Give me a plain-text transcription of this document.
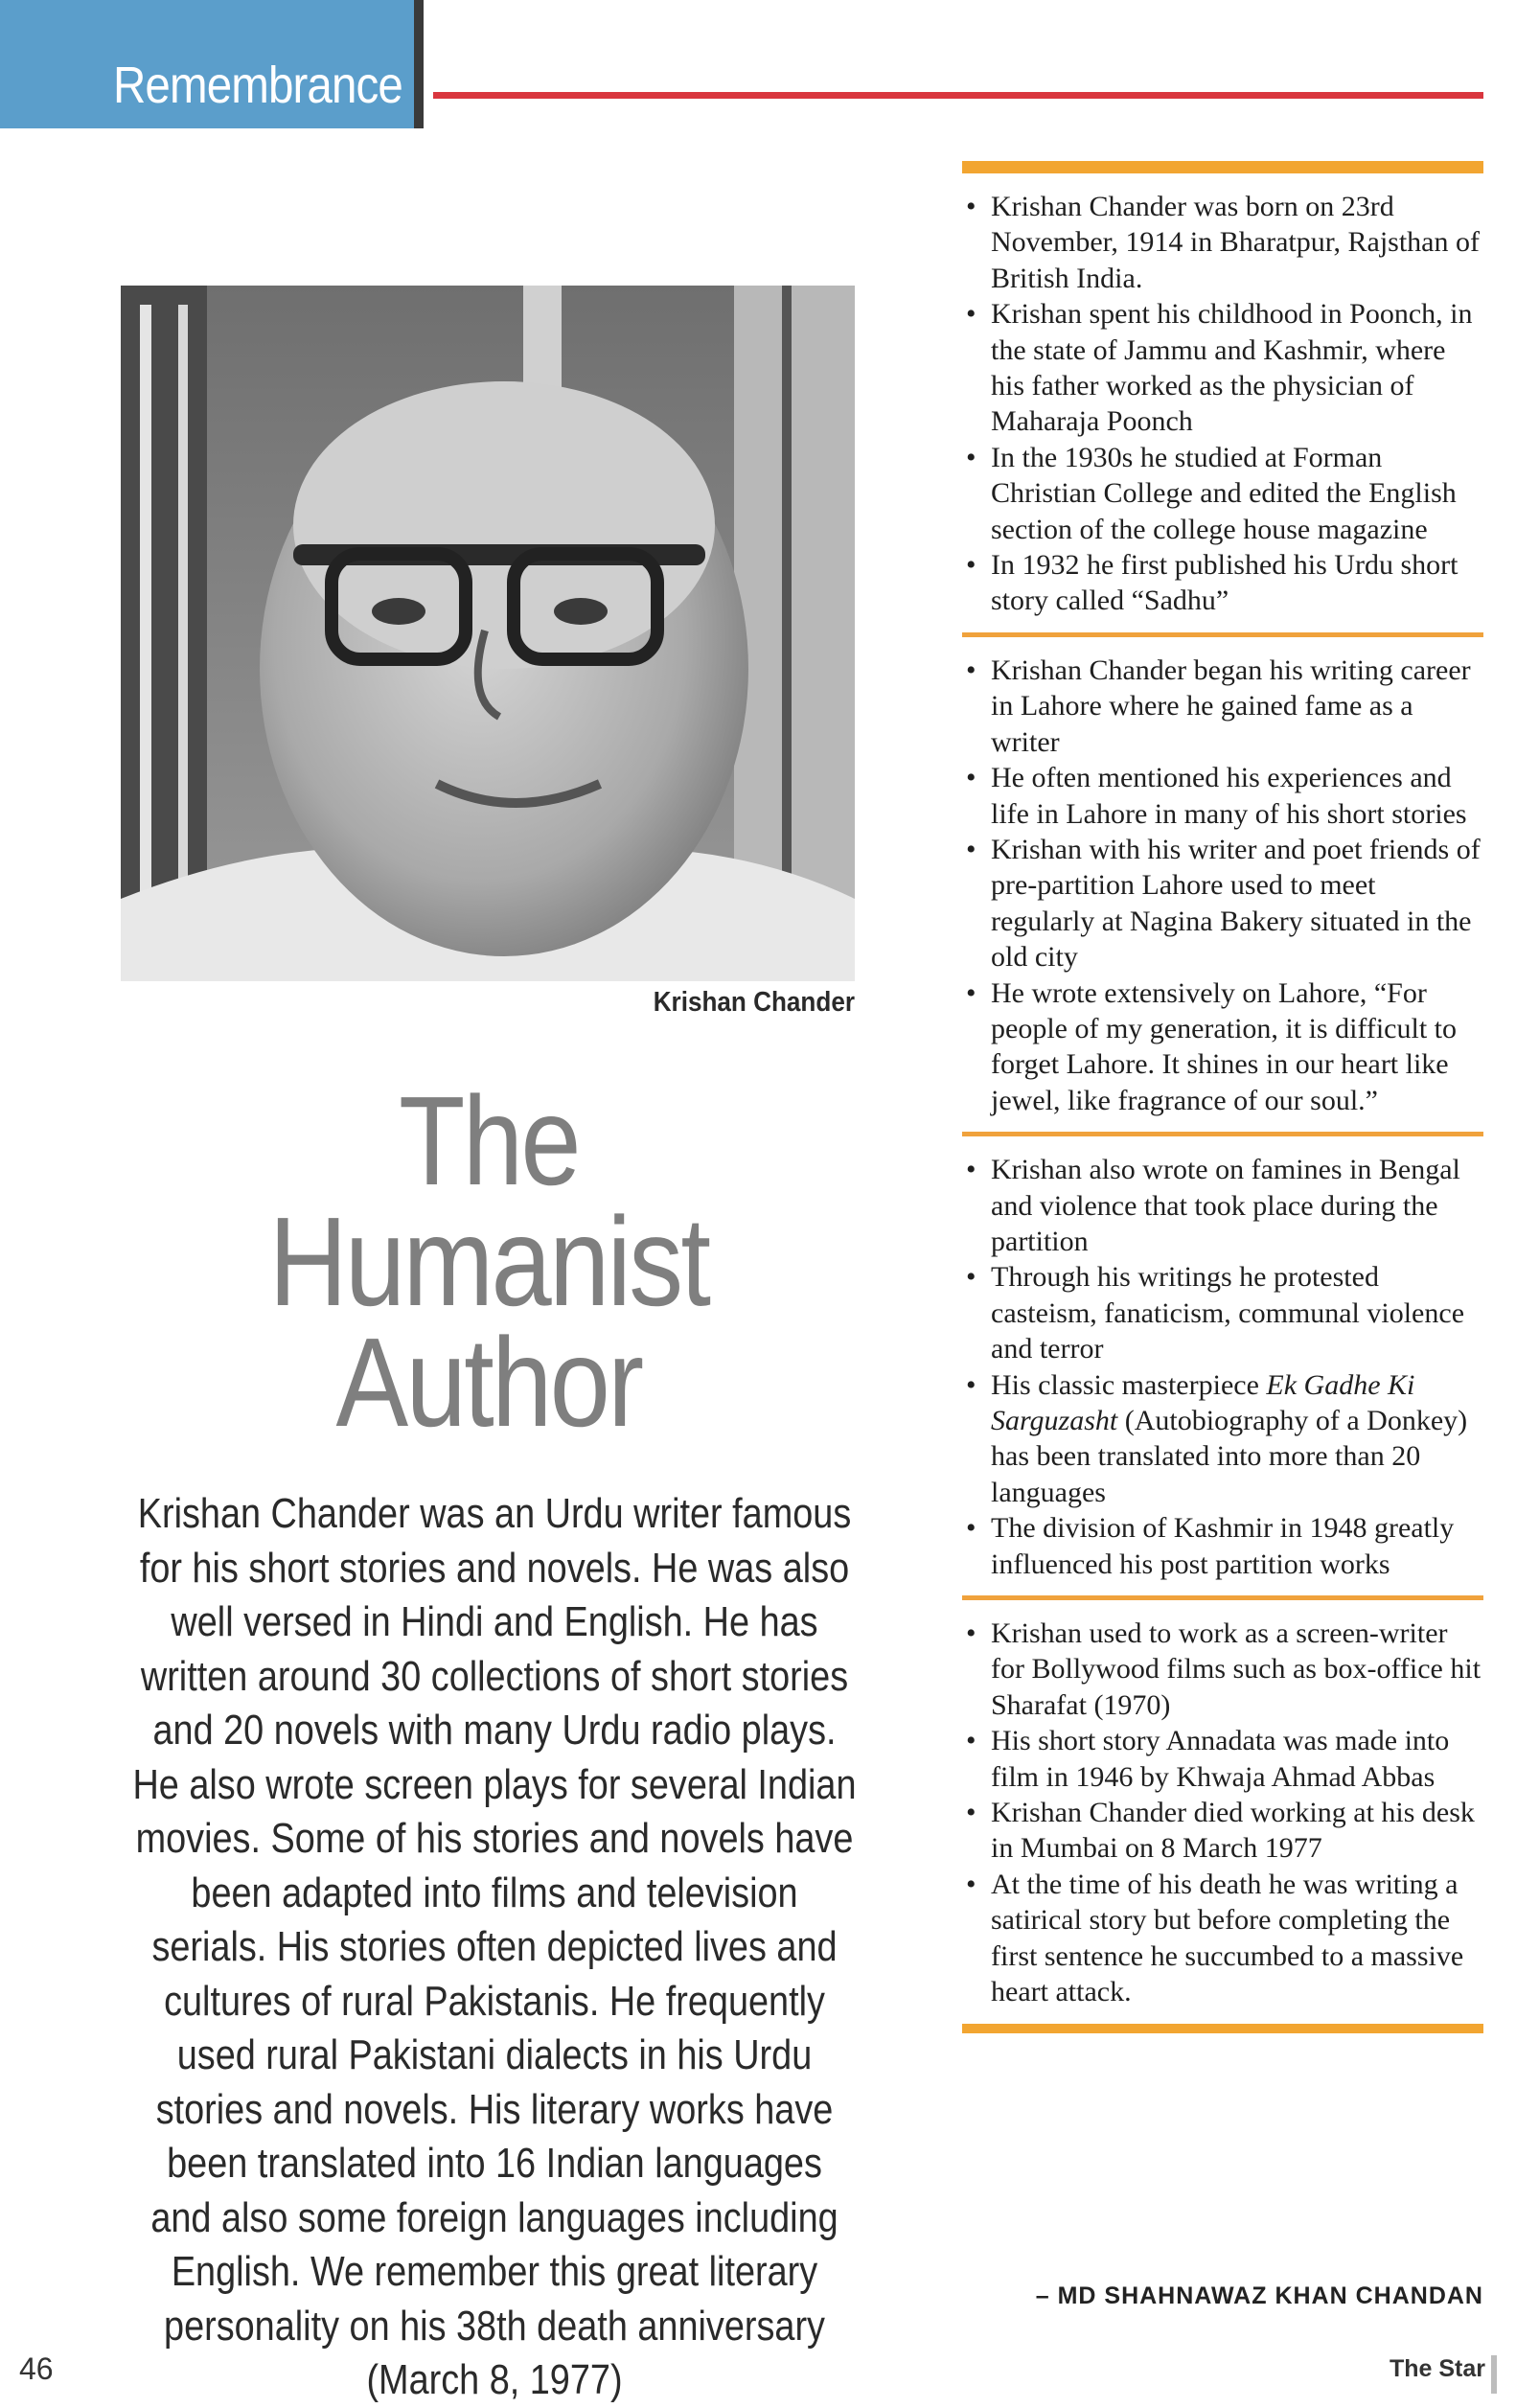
Remembrance
Krishan Chander
The
Humanist
Author

Krishan Chander was an Urdu writer famous for his short stories and novels. He was also well versed in Hindi and English. He has written around 30 collections of short stories and 20 novels with many Urdu radio plays. He also wrote screen plays for several Indian movies. Some of his stories and novels have been adapted into films and television serials. His stories often depicted lives and cultures of rural Pakistanis. He frequently used rural Pakistani dialects in his Urdu stories and novels. His literary works have been translated into 16 Indian languages and also some foreign languages including English. We remember this great literary personality on his 38th death anniversary (March 8, 1977)

• Krishan Chander was born on 23rd November, 1914 in Bharatpur, Rajsthan of British India.
• Krishan spent his childhood in Poonch, in the state of Jammu and Kashmir, where his father worked as the physician of Maharaja Poonch
• In the 1930s he studied at Forman Christian College and edited the English section of the college house magazine
• In 1932 he first published his Urdu short story called “Sadhu”
• Krishan Chander began his writing career in Lahore where he gained fame as a writer
• He often mentioned his experiences and life in Lahore in many of his short stories
• Krishan with his writer and poet friends of pre-partition Lahore used to meet regularly at Nagina Bakery situated in the old city
• He wrote extensively on Lahore, “For people of my generation, it is difficult to forget Lahore. It shines in our heart like jewel, like fragrance of our soul.”
• Krishan also wrote on famines in Bengal and violence that took place during the partition
• Through his writings he protested casteism, fanaticism, communal violence and terror
• His classic masterpiece Ek Gadhe Ki Sarguzasht (Autobiography of a Donkey) has been translated into more than 20 languages
• The division of Kashmir in 1948 greatly influenced his post partition works
• Krishan used to work as a screen-writer for Bollywood films such as box-office hit Sharafat (1970)
• His short story Annadata was made into film in 1946 by Khwaja Ahmad Abbas
• Krishan Chander died working at his desk in Mumbai on 8 March 1977
• At the time of his death he was writing a satirical story but before completing the first sentence he succumbed to a massive heart attack.
– MD SHAHNAWAZ KHAN CHANDAN
46	The Star
